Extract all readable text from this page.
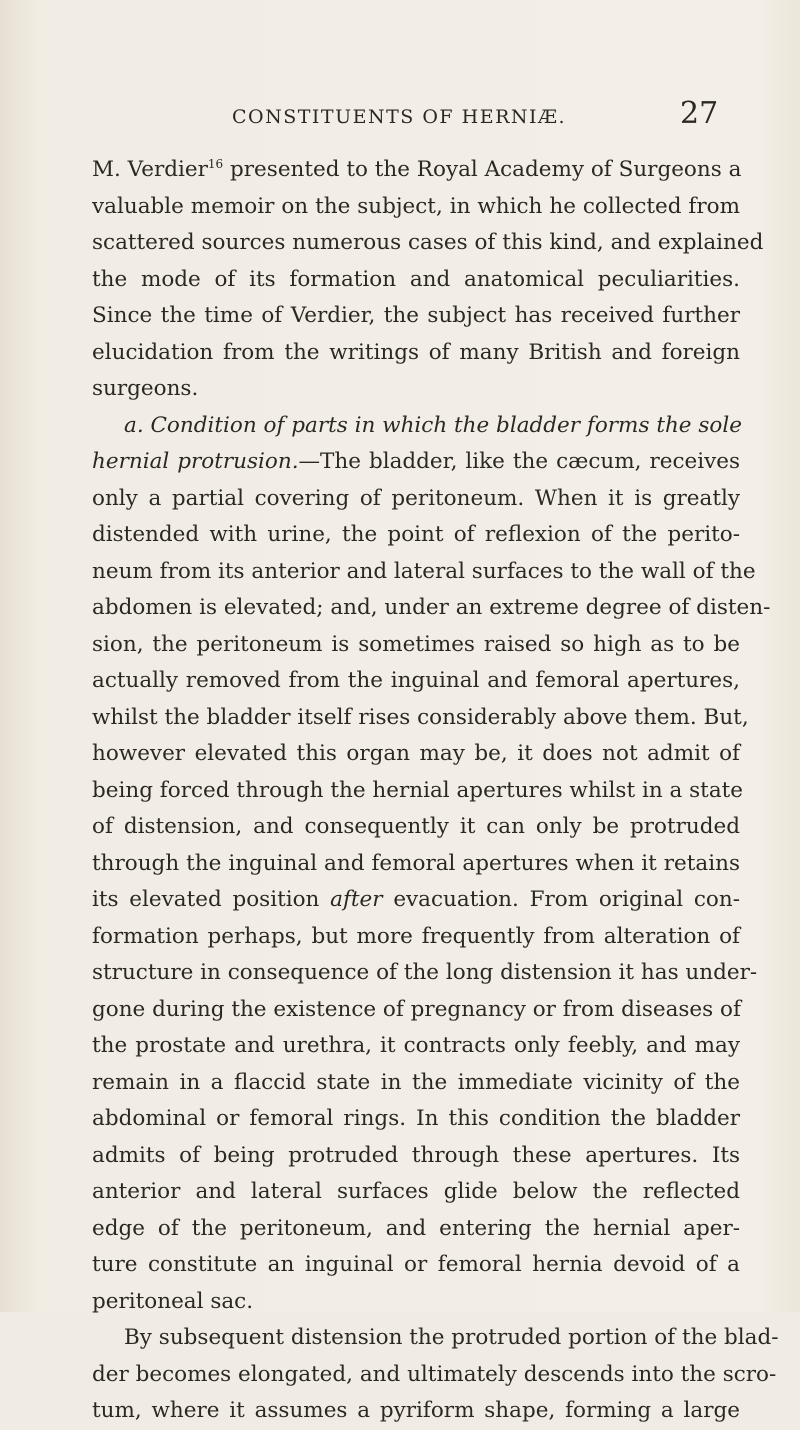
CONSTITUENTS OF HERNIÆ.	27
M. Verdier$^{16}$ presented to the Royal Academy of Surgeons a
valuable memoir on the subject, in which he collected from
scattered sources numerous cases of this kind, and explained
the mode of its formation and anatomical peculiarities.
Since the time of Verdier, the subject has received further
elucidation from the writings of many British and foreign
surgeons.
a. Condition of parts in which the bladder forms the sole
hernial protrusion.—The bladder, like the cæcum, receives
only a partial covering of peritoneum. When it is greatly
distended with urine, the point of reflexion of the perito-
neum from its anterior and lateral surfaces to the wall of the
abdomen is elevated; and, under an extreme degree of disten-
sion, the peritoneum is sometimes raised so high as to be
actually removed from the inguinal and femoral apertures,
whilst the bladder itself rises considerably above them. But,
however elevated this organ may be, it does not admit of
being forced through the hernial apertures whilst in a state
of distension, and consequently it can only be protruded
through the inguinal and femoral apertures when it retains
its elevated position after evacuation. From original con-
formation perhaps, but more frequently from alteration of
structure in consequence of the long distension it has under-
gone during the existence of pregnancy or from diseases of
the prostate and urethra, it contracts only feebly, and may
remain in a flaccid state in the immediate vicinity of the
abdominal or femoral rings. In this condition the bladder
admits of being protruded through these apertures. Its
anterior and lateral surfaces glide below the reflected
edge of the peritoneum, and entering the hernial aper-
ture constitute an inguinal or femoral hernia devoid of a
peritoneal sac.
By subsequent distension the protruded portion of the blad-
der becomes elongated, and ultimately descends into the scro-
tum, where it assumes a pyriform shape, forming a large
